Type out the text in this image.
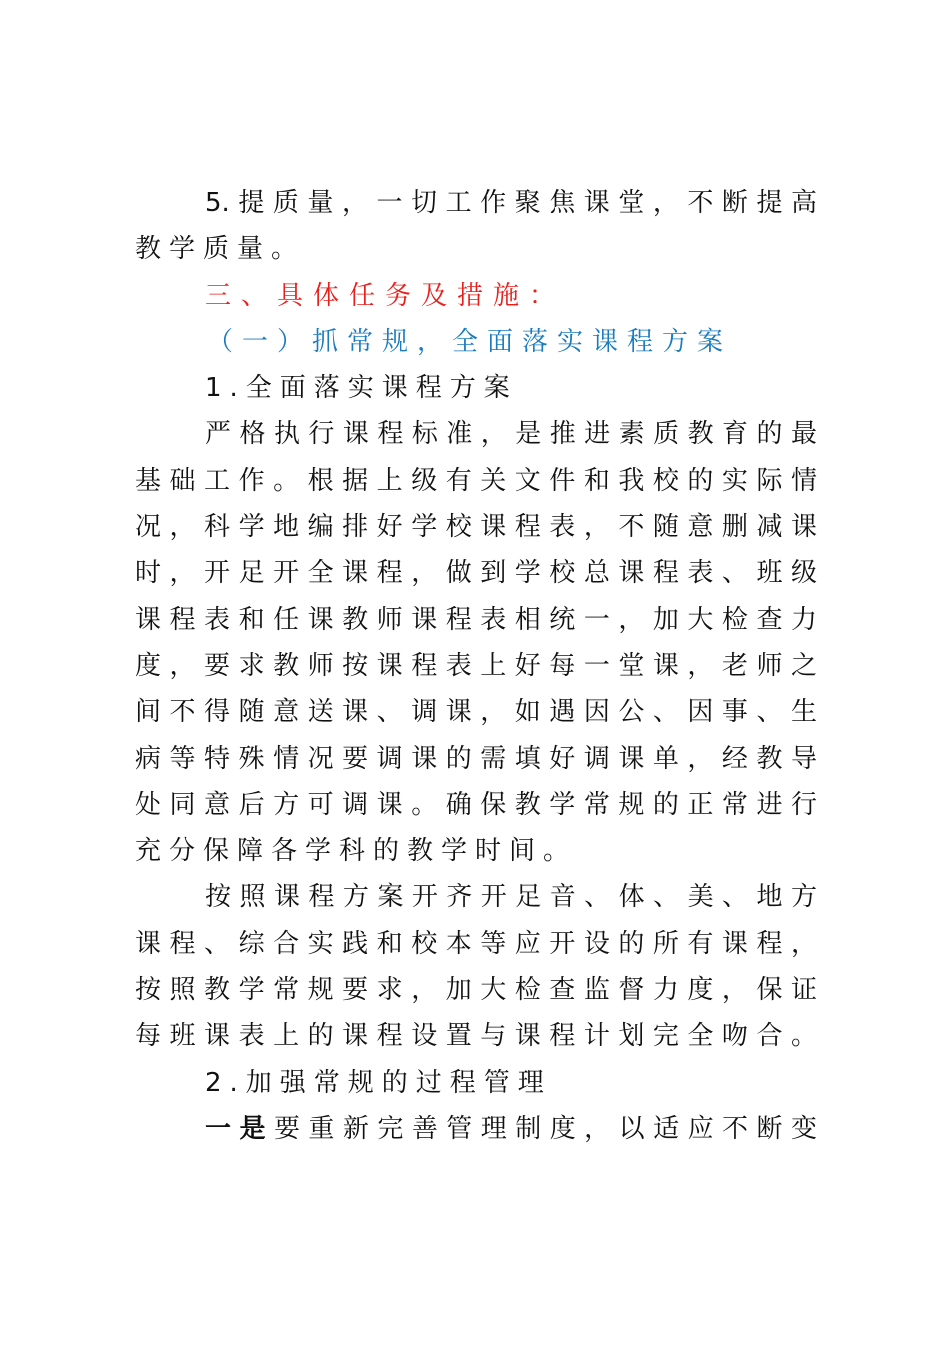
5.提质量，一切工作聚焦课堂，不断提高
教学质量。
三、具体任务及措施：
（一）抓常规，全面落实课程方案
1.全面落实课程方案
严格执行课程标准，是推进素质教育的最
基础工作。根据上级有关文件和我校的实际情
况，科学地编排好学校课程表，不随意删减课
时，开足开全课程，做到学校总课程表、班级
课程表和任课教师课程表相统一，加大检查力
度，要求教师按课程表上好每一堂课，老师之
间不得随意送课、调课，如遇因公、因事、生
病等特殊情况要调课的需填好调课单，经教导
处同意后方可调课。确保教学常规的正常进行
充分保障各学科的教学时间。
按照课程方案开齐开足音、体、美、地方
课程、综合实践和校本等应开设的所有课程，
按照教学常规要求，加大检查监督力度，保证
每班课表上的课程设置与课程计划完全吻合。
2.加强常规的过程管理
一是要重新完善管理制度，以适应不断变
